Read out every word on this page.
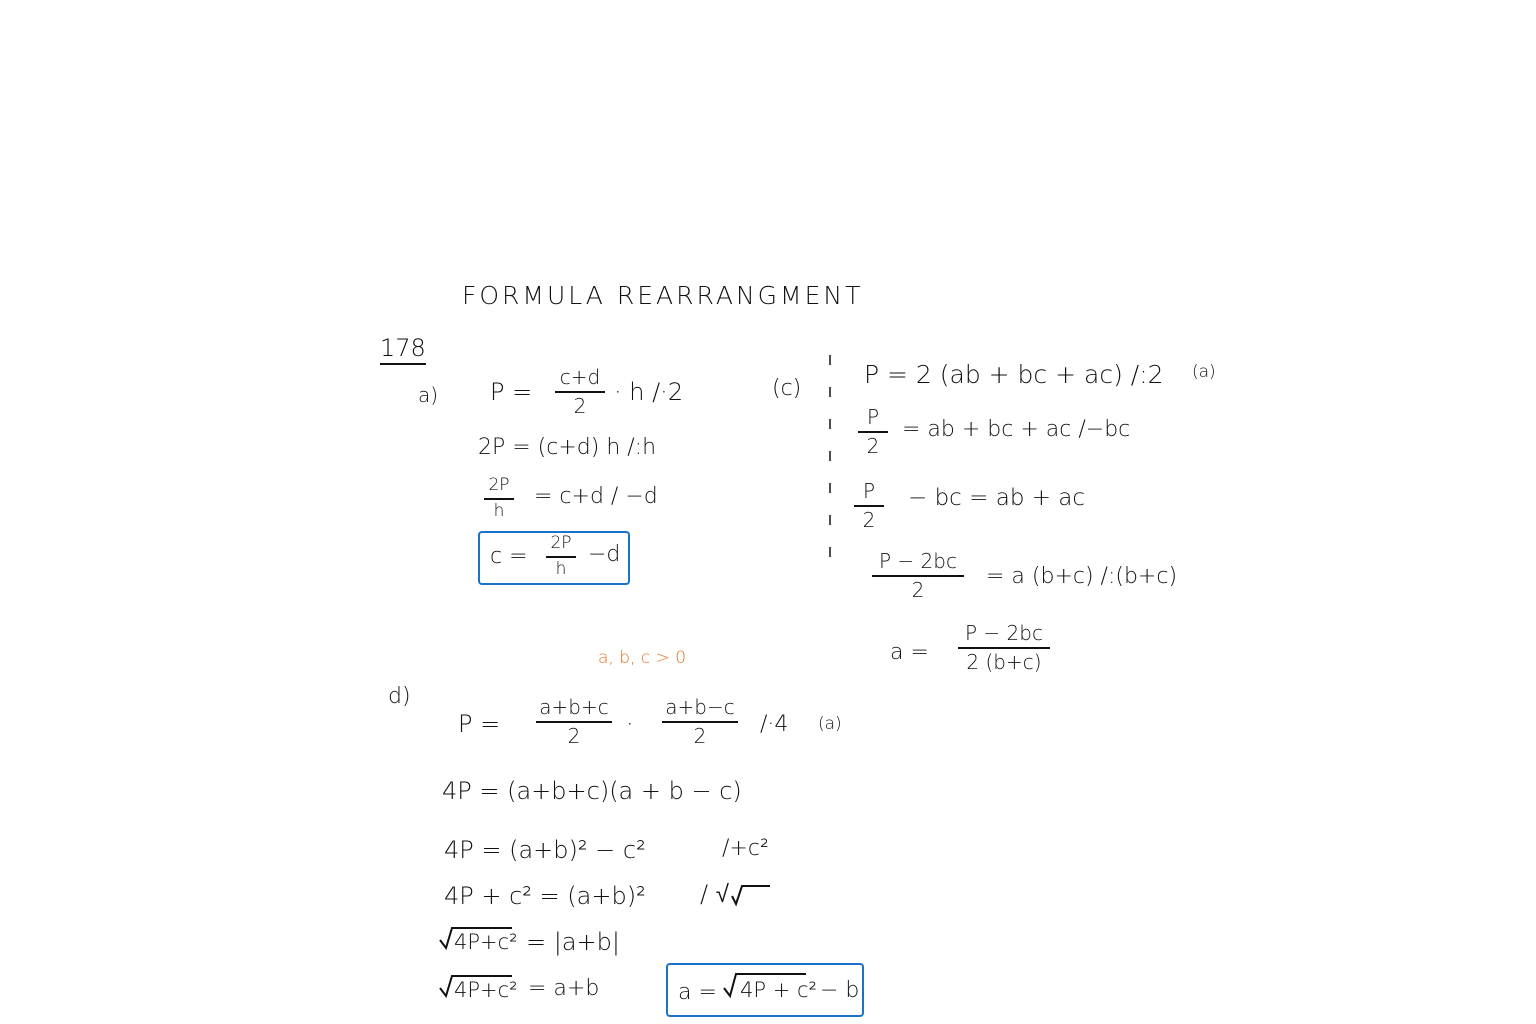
FORMULA REARRANGMENT
178
a) P =
c+d
2 · h /·2
2P = (c+d) h /:h
2P
h
= c+d / −d
c =
2P
h
−d
(c)	P = 2 (ab + bc + ac) /:2 (a)
P
2
= ab + bc + ac /−bc
P
2
− bc = ab + ac
P − 2bc
2
= a (b+c) /:(b+c)
a =
P − 2bc
2 (b+c)
a, b, c > 0
d)
P =
a+b+c
2 ·
a+b−c
2 /·4 (a)
4P = (a+b+c)(a + b − c)
4P = (a+b)² − c²	/+c²
4P + c² = (a+b)² / √
4P+c² = |a+b|
4P+c² = a+b	a = 4P + c² − b
